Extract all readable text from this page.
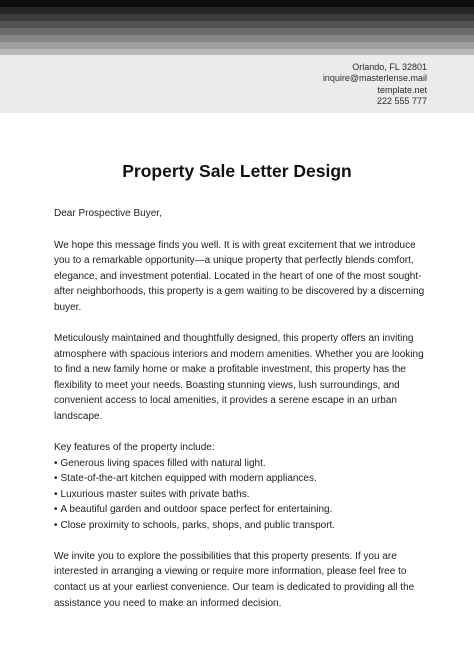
Orlando, FL 32801
inquire@masterlense.mail
template.net
222 555 777
Property Sale Letter Design

Dear Prospective Buyer,

We hope this message finds you well. It is with great excitement that we introduce you to a remarkable opportunity—a unique property that perfectly blends comfort, elegance, and investment potential. Located in the heart of one of the most sought-after neighborhoods, this property is a gem waiting to be discovered by a discerning buyer.

Meticulously maintained and thoughtfully designed, this property offers an inviting atmosphere with spacious interiors and modern amenities. Whether you are looking to find a new family home or make a profitable investment, this property has the flexibility to meet your needs. Boasting stunning views, lush surroundings, and convenient access to local amenities, it provides a serene escape in an urban landscape.

Key features of the property include:

• Generous living spaces filled with natural light.
• State-of-the-art kitchen equipped with modern appliances.
• Luxurious master suites with private baths.
• A beautiful garden and outdoor space perfect for entertaining.
• Close proximity to schools, parks, shops, and public transport.

We invite you to explore the possibilities that this property presents. If you are interested in arranging a viewing or require more information, please feel free to contact us at your earliest convenience. Our team is dedicated to providing all the assistance you need to make an informed decision.
